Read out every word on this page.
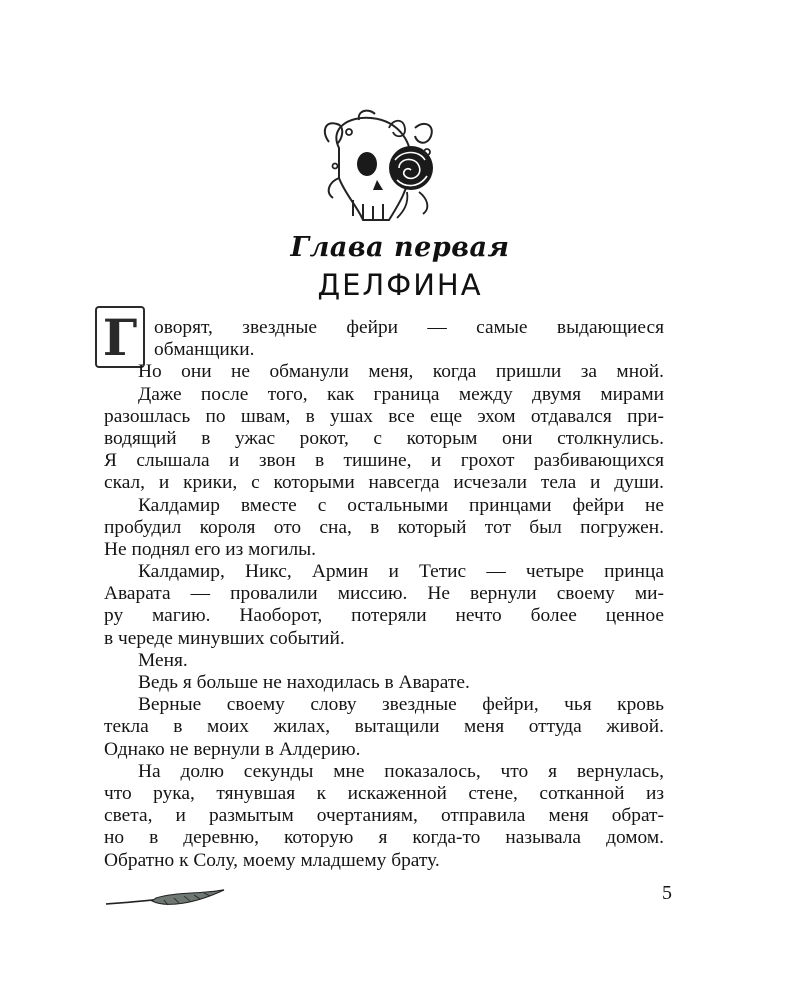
Глава первая
ДЕЛФИНА
Г оворят, звездные фейри — самые выдающиеся
обманщики.
Но они не обманули меня, когда пришли за мной.
Даже после того, как граница между двумя мирами
разошлась по швам, в ушах все еще эхом отдавался при-
водящий в ужас рокот, с которым они столкнулись.
Я слышала и звон в тишине, и грохот разбивающихся
скал, и крики, с которыми навсегда исчезали тела и души.
Калдамир вместе с остальными принцами фейри не
пробудил короля ото сна, в который тот был погружен.
Не поднял его из могилы.
Калдамир, Никс, Армин и Тетис — четыре принца
Аварата — провалили миссию. Не вернули своему ми-
ру магию. Наоборот, потеряли нечто более ценное
в череде минувших событий.
Меня.
Ведь я больше не находилась в Аварате.
Верные своему слову звездные фейри, чья кровь
текла в моих жилах, вытащили меня оттуда живой.
Однако не вернули в Алдерию.
На долю секунды мне показалось, что я вернулась,
что рука, тянувшая к искаженной стене, сотканной из
света, и размытым очертаниям, отправила меня обрат-
но в деревню, которую я когда-то называла домом.
Обратно к Солу, моему младшему брату.
5
